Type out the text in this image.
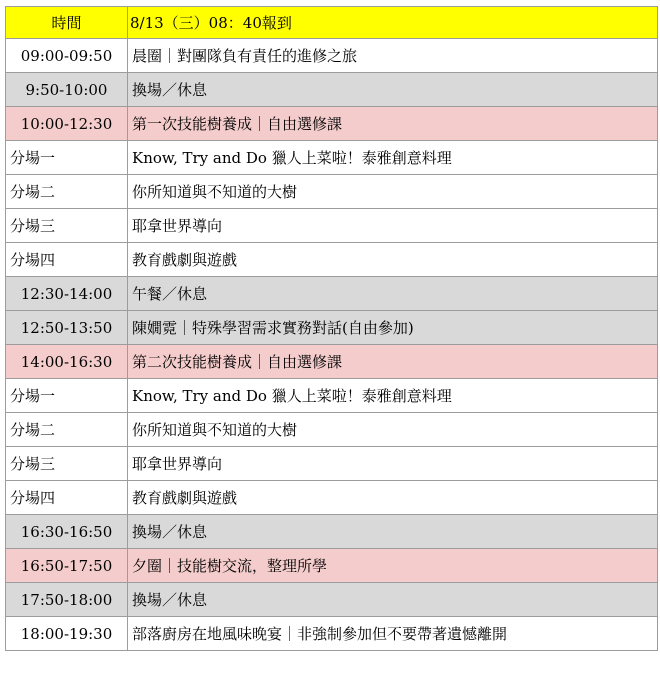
時間	8/13（三）08：40報到
09:00-09:50	晨圈｜對團隊負有責任的進修之旅
9:50-10:00	換場／休息
10:00-12:30	第一次技能樹養成｜自由選修課
分場一	Know, Try and Do 獵人上菜啦！泰雅創意料理
分場二	你所知道與不知道的大樹
分場三	耶拿世界導向
分場四	教育戲劇與遊戲
12:30-14:00	午餐／休息
12:50-13:50	陳嫺霓｜特殊學習需求實務對話(自由參加)
14:00-16:30	第二次技能樹養成｜自由選修課
分場一	Know, Try and Do 獵人上菜啦！泰雅創意料理
分場二	你所知道與不知道的大樹
分場三	耶拿世界導向
分場四	教育戲劇與遊戲
16:30-16:50	換場／休息
16:50-17:50	夕圈｜技能樹交流，整理所學
17:50-18:00	換場／休息
18:00-19:30	部落廚房在地風味晚宴｜非強制參加但不要帶著遺憾離開
